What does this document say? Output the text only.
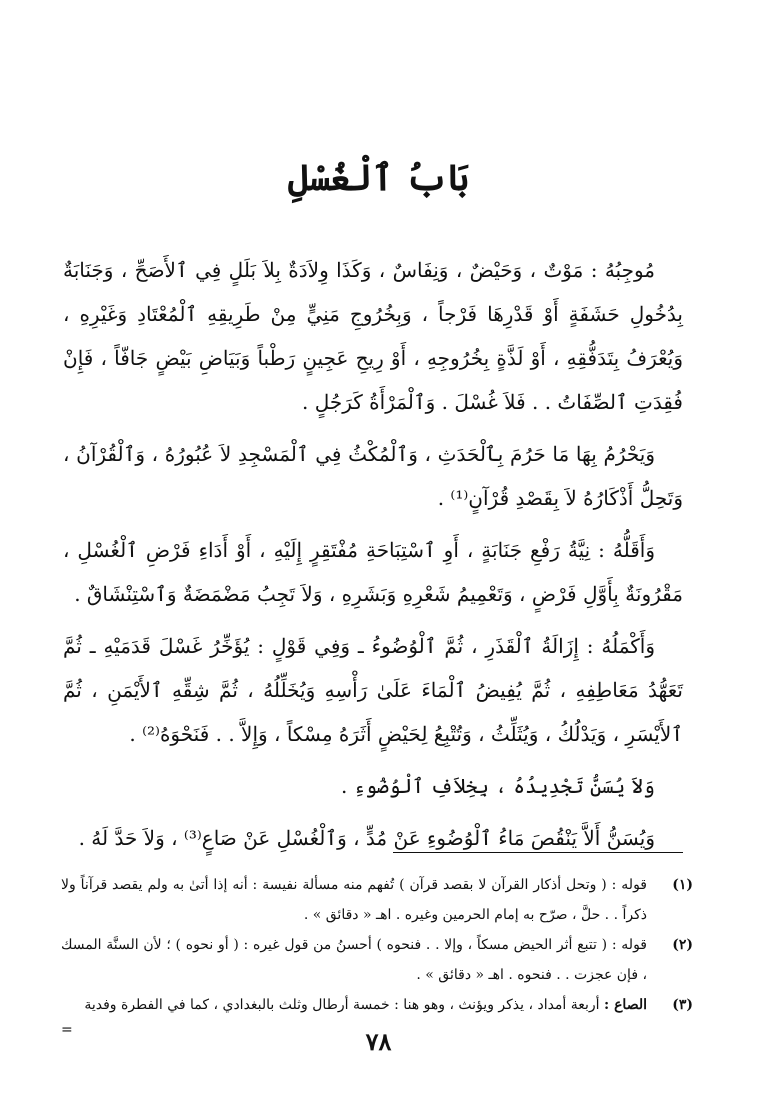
بَابُ ٱلْغُسْلِ

مُوجِبُهُ : مَوْتٌ ، وَحَيْضٌ ، وَنِفَاسٌ ، وَكَذَا وِلاَدَةٌ بِلاَ بَلَلٍ فِي ٱلأَصَحِّ ، وَجَنَابَةٌ بِدُخُولِ حَشَفَةٍ أَوْ قَدْرِهَا فَرْجاً ، وَبِخُرُوجِ مَنِيٍّ مِنْ طَرِيقِهِ ٱلْمُعْتَادِ وَغَيْرِهِ ، وَيُعْرَفُ بِتَدَفُّقِهِ ، أَوْ لَذَّةٍ بِخُرُوجِهِ ، أَوْ رِيحِ عَجِينٍ رَطْباً وَبَيَاضِ بَيْضٍ جَافّاً ، فَإِنْ فُقِدَتِ ٱلصِّفَاتُ . . فَلاَ غُسْلَ . وَٱلْمَرْأَةُ كَرَجُلٍ .

وَيَحْرُمُ بِهَا مَا حَرُمَ بِٱلْحَدَثِ ، وَٱلْمُكْثُ فِي ٱلْمَسْجِدِ لاَ عُبُورُهُ ، وَٱلْقُرْآنُ ، وَتَحِلُّ أَذْكَارُهُ لاَ بِقَصْدِ قُرْآنٍ⁽¹⁾ .

وَأَقَلُّهُ : نِيَّةُ رَفْعِ جَنَابَةٍ ، أَوِ ٱسْتِبَاحَةِ مُفْتَقِرٍ إِلَيْهِ ، أَوْ أَدَاءِ فَرْضِ ٱلْغُسْلِ ، مَقْرُونَةٌ بِأَوَّلِ فَرْضٍ ، وَتَعْمِيمُ شَعْرِهِ وَبَشَرِهِ ، وَلاَ تَجِبُ مَضْمَضَةٌ وَٱسْتِنْشَاقٌ .

وَأَكْمَلُهُ : إِزَالَةُ ٱلْقَذَرِ ، ثُمَّ ٱلْوُضُوءُ ـ وَفِي قَوْلٍ : يُؤَخِّرُ غَسْلَ قَدَمَيْهِ ـ ثُمَّ تَعَهُّدُ مَعَاطِفِهِ ، ثُمَّ يُفِيضُ ٱلْمَاءَ عَلَىٰ رَأْسِهِ وَيُخَلِّلُهُ ، ثُمَّ شِقِّهِ ٱلأَيْمَنِ ، ثُمَّ ٱلأَيْسَرِ ، وَيَدْلُكُ ، وَيُثَلِّثُ ، وَتُتْبِعُ لِحَيْضٍ أَثَرَهُ مِسْكاً ، وَإِلاَّ . . فَنَحْوَهُ⁽²⁾ .

وَلاَ يُسَنُّ تَجْدِيدُهُ ، بِخِلاَفِ ٱلْوُضُوءِ .

وَيُسَنُّ أَلاَّ يَنْقُصَ مَاءُ ٱلْوُضُوءِ عَنْ مُدٍّ ، وَٱلْغُسْلِ عَنْ صَاعٍ⁽³⁾ ، وَلاَ حَدَّ لَهُ .

(١)
قوله : ( وتحل أذكار القرآن لا بقصد قرآن ) تُفهم منه مسألة نفيسة : أنه إذا أتىٰ به ولم يقصد قرآناً ولا ذكراً . . حلَّ ، صرّح به إمام الحرمين وغيره . اهـ « دقائق » .
(٢)
قوله : ( تتبع أثر الحيض مسكاً ، وإلا . . فنحوه ) أحسنُ من قول غيره : ( أو نحوه ) ؛ لأن السنَّة المسك ، فإن عجزت . . فنحوه . اهـ « دقائق » .
(٣)
الصاع : أربعة أمداد ، يذكر ويؤنث ، وهو هنا : خمسة أرطال وثلث بالبغدادي ، كما في الفطرة وفدية

=	٧٨
